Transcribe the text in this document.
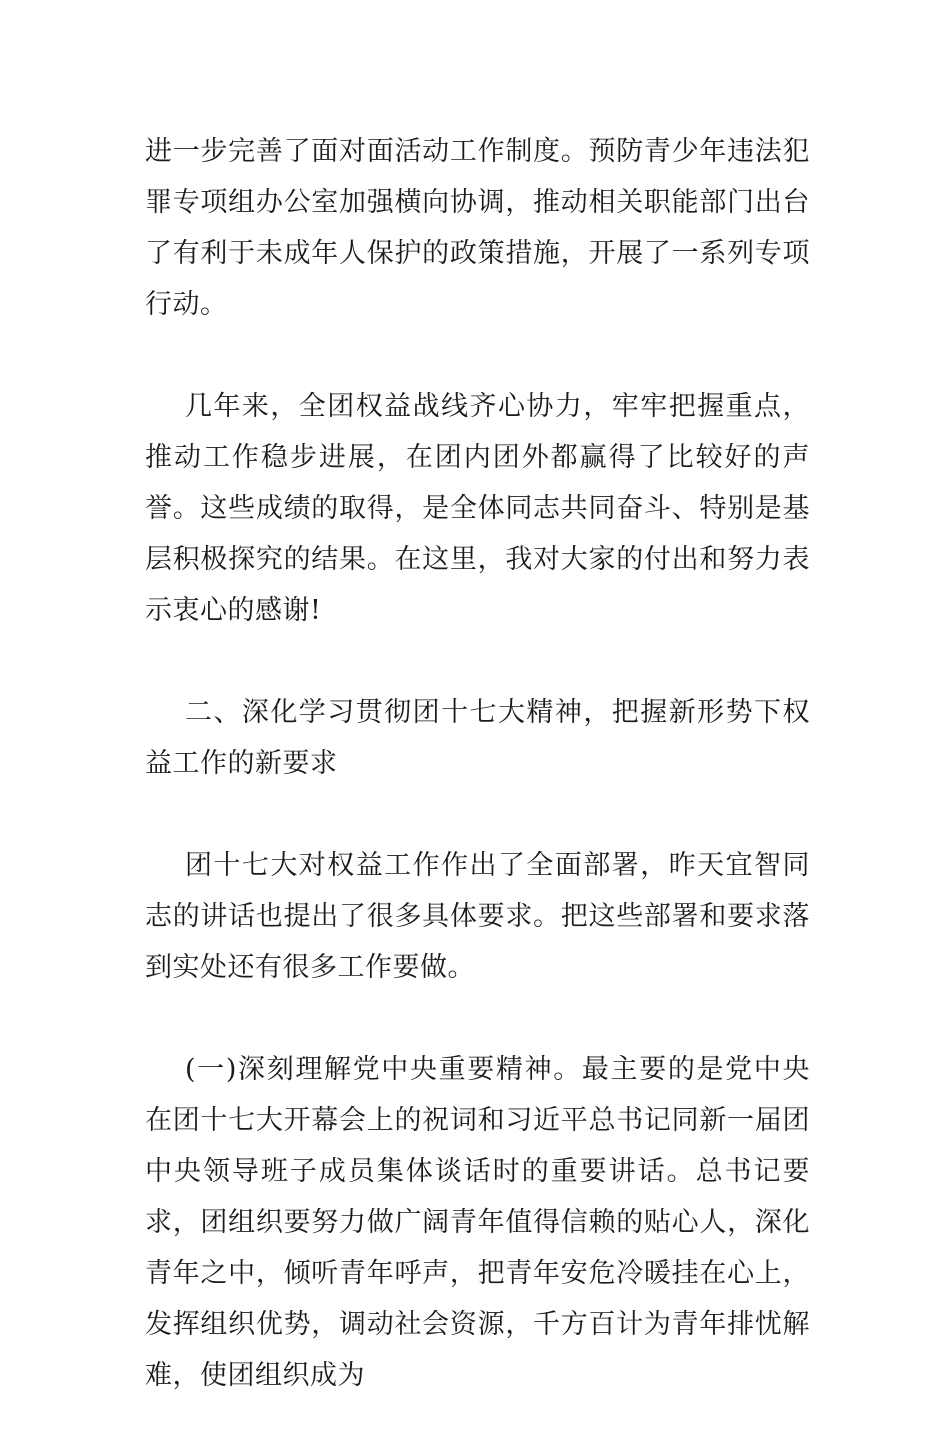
进一步完善了面对面活动工作制度。预防青少年违法犯罪专项组办公室加强横向协调，推动相关职能部门出台了有利于未成年人保护的政策措施，开展了一系列专项行动。

几年来，全团权益战线齐心协力，牢牢把握重点，推动工作稳步进展，在团内团外都赢得了比较好的声誉。这些成绩的取得，是全体同志共同奋斗、特别是基层积极探究的结果。在这里，我对大家的付出和努力表示衷心的感谢!

二、深化学习贯彻团十七大精神，把握新形势下权益工作的新要求

团十七大对权益工作作出了全面部署，昨天宜智同志的讲话也提出了很多具体要求。把这些部署和要求落到实处还有很多工作要做。

(一)深刻理解党中央重要精神。最主要的是党中央在团十七大开幕会上的祝词和习近平总书记同新一届团中央领导班子成员集体谈话时的重要讲话。总书记要求，团组织要努力做广阔青年值得信赖的贴心人，深化青年之中，倾听青年呼声，把青年安危冷暖挂在心上，发挥组织优势，调动社会资源，千方百计为青年排忧解难，使团组织成为
